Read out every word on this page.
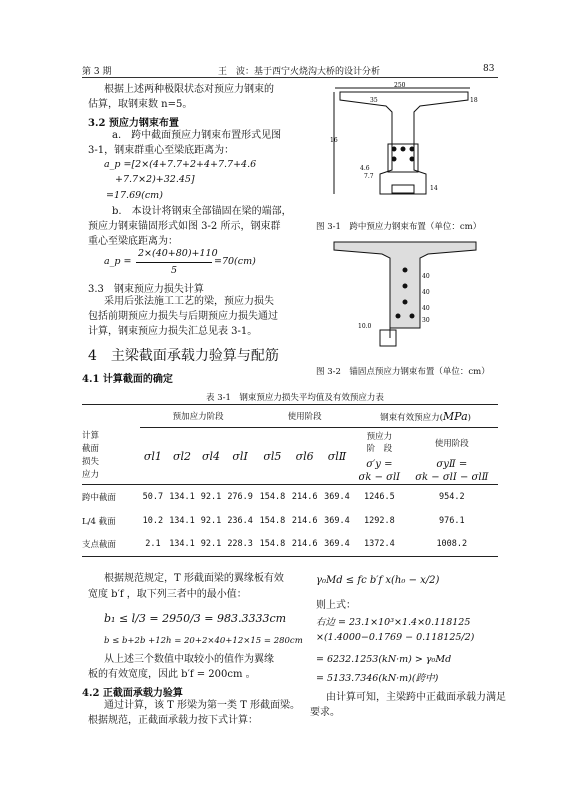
第 3 期	王　波：基于西宁火烧沟大桥的设计分析	83
根据上述两种极限状态对预应力钢束的
估算，取钢束数 n=5。
3.2 预应力钢束布置
a.　跨中截面预应力钢束布置形式见图
3-1，钢束群重心至梁底距离为：
a_p =[2×(4+7.7+2+4+7.7+4.6
+7.7×2)+32.45]
=17.69(cm)
b.　本设计将钢束全部锚固在梁的端部，
预应力钢束锚固形式如图 3-2 所示，钢束群
重心至梁底距离为：
a_p =
2×(40+80)+110
5
=70(cm)
3.3　钢束预应力损失计算
采用后张法施工工艺的梁，预应力损失
包括前期预应力损失与后期预应力损失通过
计算，钢束预应力损失汇总见表 3-1。
4　主梁截面承载力验算与配筋
4.1 计算截面的确定
250
18
16
35
4.6
7.7
14
图 3-1　跨中预应力钢束布置（单位：cm）
40
40
40
30
10.0
图 3-2　锚固点预应力钢束布置（单位：cm）
表 3-1　钢束预应力损失平均值及有效预应力表
	预加应力阶段				使用阶段			钢束有效预应力(MPa)	
计算
截面
损失
应力	σl1	σl2	σl4	σlⅠ	σl5	σl6	σlⅡ	预应力
阶　段	使用阶段
								σ′y =
σk − σlⅠ	σyⅡ =
σk − σlⅠ − σlⅡ
跨中截面	50.7	134.1	92.1	276.9	154.8	214.6	369.4	1246.5	954.2
L/4 截面	10.2	134.1	92.1	236.4	154.8	214.6	369.4	1292.8	976.1
支点截面	2.1	134.1	92.1	228.3	154.8	214.6	369.4	1372.4	1008.2
根据规范规定，T 形截面梁的翼缘板有效
宽度 b′f ，取下列三者中的最小值：
b₁ ≤ l/3 = 2950/3 = 983.3333cm
b ≤ b+2b +12h = 20+2×40+12×15 = 280cm
从上述三个数值中取较小的值作为翼缘
板的有效宽度，因此 b′f = 200cm 。
4.2 正截面承载力验算
通过计算，该 T 形梁为第一类 T 形截面梁。
根据规范，正截面承载力按下式计算：
γ₀Md ≤ fc b′f x(h₀ − x/2)
则上式：
右边 = 23.1×10³×1.4×0.118125
×(1.4000−0.1769 − 0.118125/2)
= 6232.1253(kN·m) > γ₀Md
= 5133.7346(kN·m)(跨中)
由计算可知，主梁跨中正截面承载力满足
要求。
